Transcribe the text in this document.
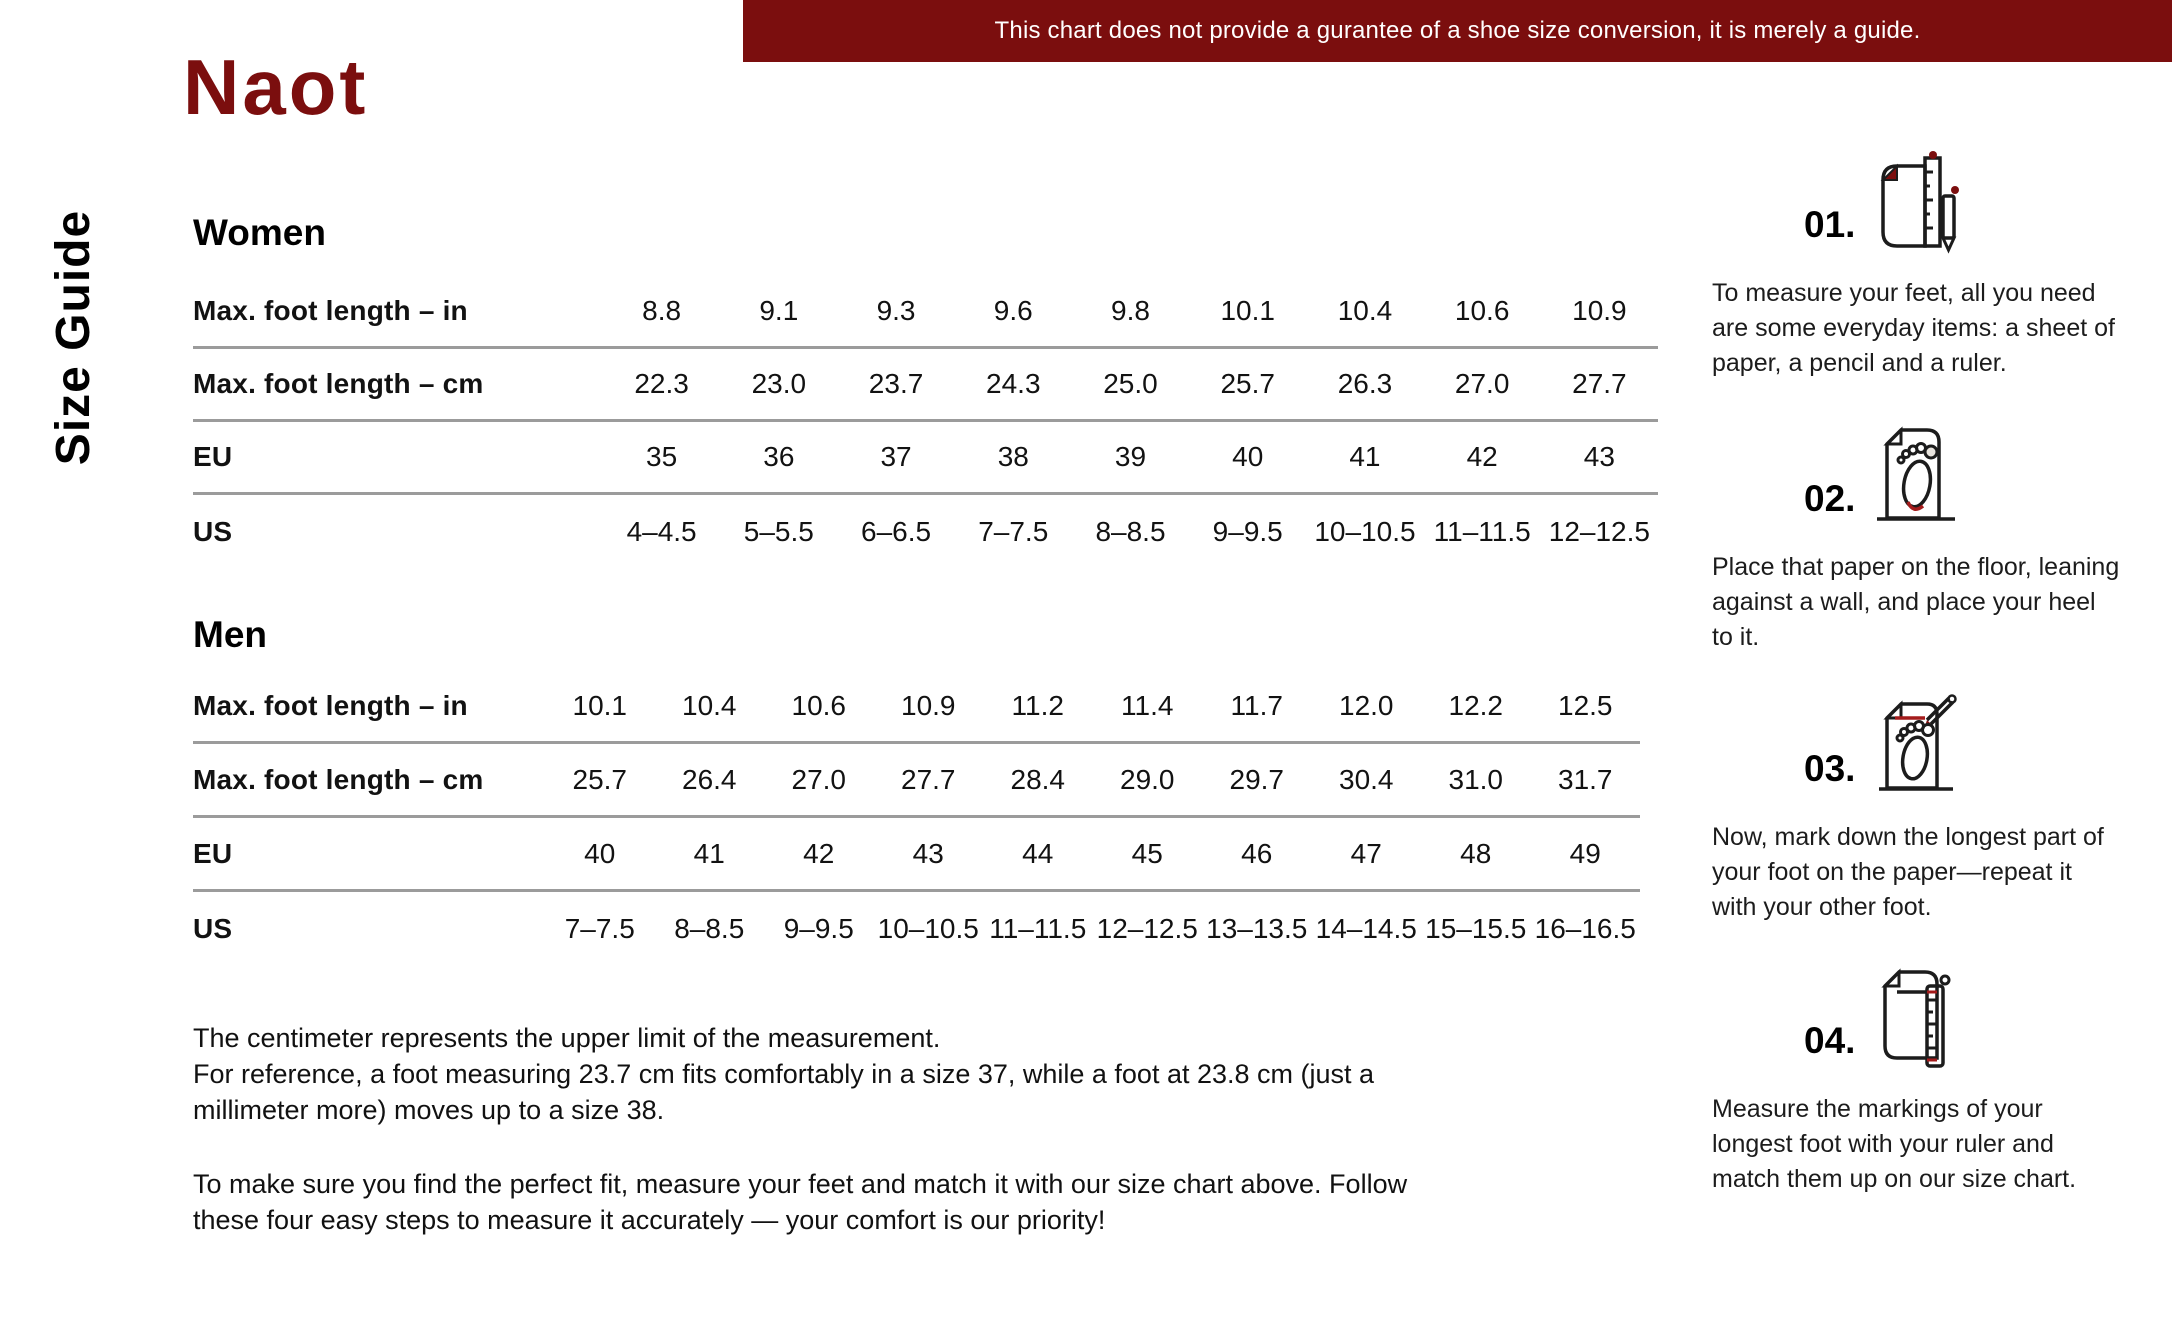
This chart does not provide a gurantee of a shoe size conversion, it is merely a guide.
Naot
Size Guide Women
Max. foot length – in	8.8	9.1	9.3	9.6	9.8	10.1	10.4	10.6	10.9
Max. foot length – cm	22.3	23.0	23.7	24.3	25.0	25.7	26.3	27.0	27.7
EU	35	36	37	38	39	40	41	42	43
US	4–4.5	5–5.5	6–6.5	7–7.5	8–8.5	9–9.5	10–10.5 11–11.5 12–12.5
Men
Max. foot length – in	10.1	10.4	10.6	10.9	11.2	11.4	11.7	12.0	12.2	12.5
Max. foot length – cm	25.7	26.4	27.0	27.7	28.4	29.0	29.7	30.4	31.0	31.7
EU	40	41	42	43	44	45	46	47	48	49
US	7–7.5	8–8.5	9–9.5 10–10.5 11–11.5 12–12.5 13–13.5 14–14.5 15–15.5 16–16.5
The centimeter represents the upper limit of the measurement.
For reference, a foot measuring 23.7 cm fits comfortably in a size 37, while a foot at 23.8 cm (just a millimeter more) moves up to a size 38.
To make sure you find the perfect fit, measure your feet and match it with our size chart above. Follow these four easy steps to measure it accurately — your comfort is our priority!
01.

To measure your feet, all you need are some everyday items: a sheet of paper, a pencil and a ruler.

02.

Place that paper on the floor, leaning against a wall, and place your heel to it.

03.

Now, mark down the longest part of your foot on the paper—repeat it with your other foot.

04.

Measure the markings of your longest foot with your ruler and match them up on our size chart.
